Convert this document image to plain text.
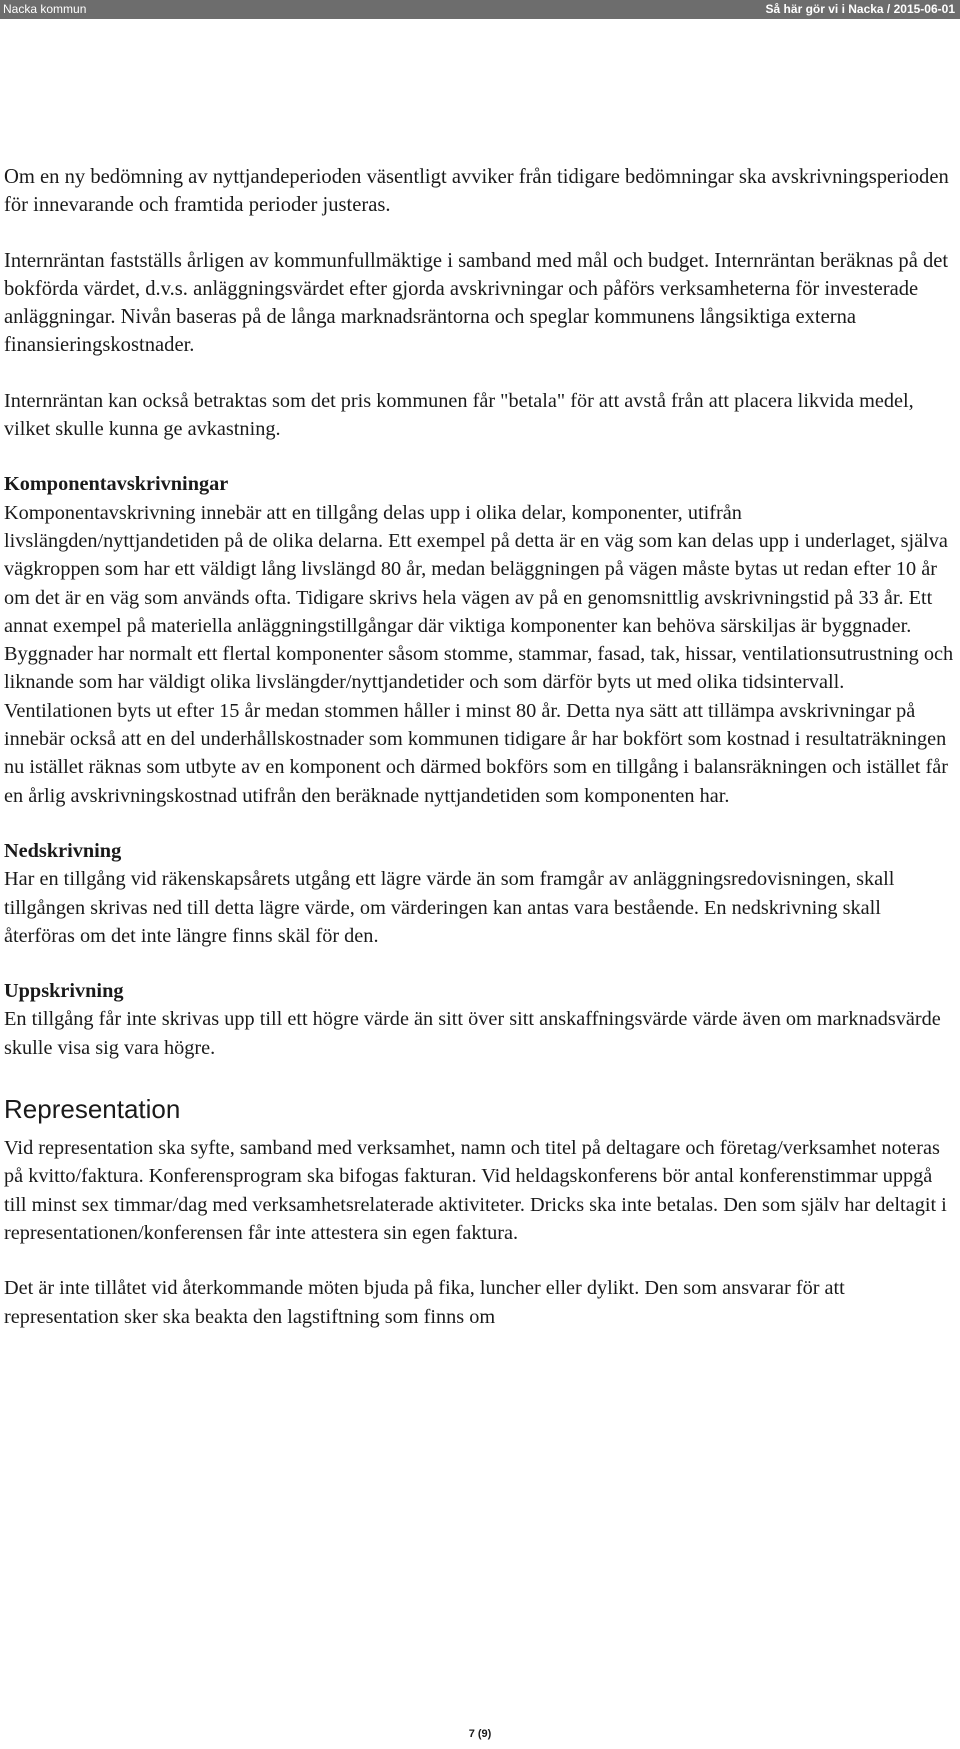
Nacka kommun	Så här gör vi i Nacka / 2015-06-01

Om en ny bedömning av nyttjandeperioden väsentligt avviker från tidigare bedömningar ska avskrivningsperioden för innevarande och framtida perioder justeras.

Internräntan fastställs årligen av kommunfullmäktige i samband med mål och budget. Internräntan beräknas på det bokförda värdet, d.v.s. anläggningsvärdet efter gjorda avskrivningar och påförs verksamheterna för investerade anläggningar. Nivån baseras på de långa marknadsräntorna och speglar kommunens långsiktiga externa finansieringskostnader.

Internräntan kan också betraktas som det pris kommunen får "betala" för att avstå från att placera likvida medel, vilket skulle kunna ge avkastning.

Komponentavskrivningar

Komponentavskrivning innebär att en tillgång delas upp i olika delar, komponenter, utifrån livslängden/nyttjandetiden på de olika delarna. Ett exempel på detta är en väg som kan delas upp i underlaget, själva vägkroppen som har ett väldigt lång livslängd 80 år, medan beläggningen på vägen måste bytas ut redan efter 10 år om det är en väg som används ofta. Tidigare skrivs hela vägen av på en genomsnittlig avskrivningstid på 33 år. Ett annat exempel på materiella anläggningstillgångar där viktiga komponenter kan behöva särskiljas är byggnader. Byggnader har normalt ett flertal komponenter såsom stomme, stammar, fasad, tak, hissar, ventilationsutrustning och liknande som har väldigt olika livslängder/nyttjandetider och som därför byts ut med olika tidsintervall. Ventilationen byts ut efter 15 år medan stommen håller i minst 80 år. Detta nya sätt att tillämpa avskrivningar på innebär också att en del underhållskostnader som kommunen tidigare år har bokfört som kostnad i resultaträkningen nu istället räknas som utbyte av en komponent och därmed bokförs som en tillgång i balansräkningen och istället får en årlig avskrivningskostnad utifrån den beräknade nyttjandetiden som komponenten har.

Nedskrivning

Har en tillgång vid räkenskapsårets utgång ett lägre värde än som framgår av anläggningsredovisningen, skall tillgången skrivas ned till detta lägre värde, om värderingen kan antas vara bestående. En nedskrivning skall återföras om det inte längre finns skäl för den.

Uppskrivning

En tillgång får inte skrivas upp till ett högre värde än sitt över sitt anskaffningsvärde värde även om marknadsvärde skulle visa sig vara högre.

Representation

Vid representation ska syfte, samband med verksamhet, namn och titel på deltagare och företag/verksamhet noteras på kvitto/faktura. Konferensprogram ska bifogas fakturan. Vid heldagskonferens bör antal konferenstimmar uppgå till minst sex timmar/dag med verksamhetsrelaterade aktiviteter. Dricks ska inte betalas. Den som själv har deltagit i representationen/konferensen får inte attestera sin egen faktura.

Det är inte tillåtet vid återkommande möten bjuda på fika, luncher eller dylikt. Den som ansvarar för att representation sker ska beakta den lagstiftning som finns om

7 (9)
